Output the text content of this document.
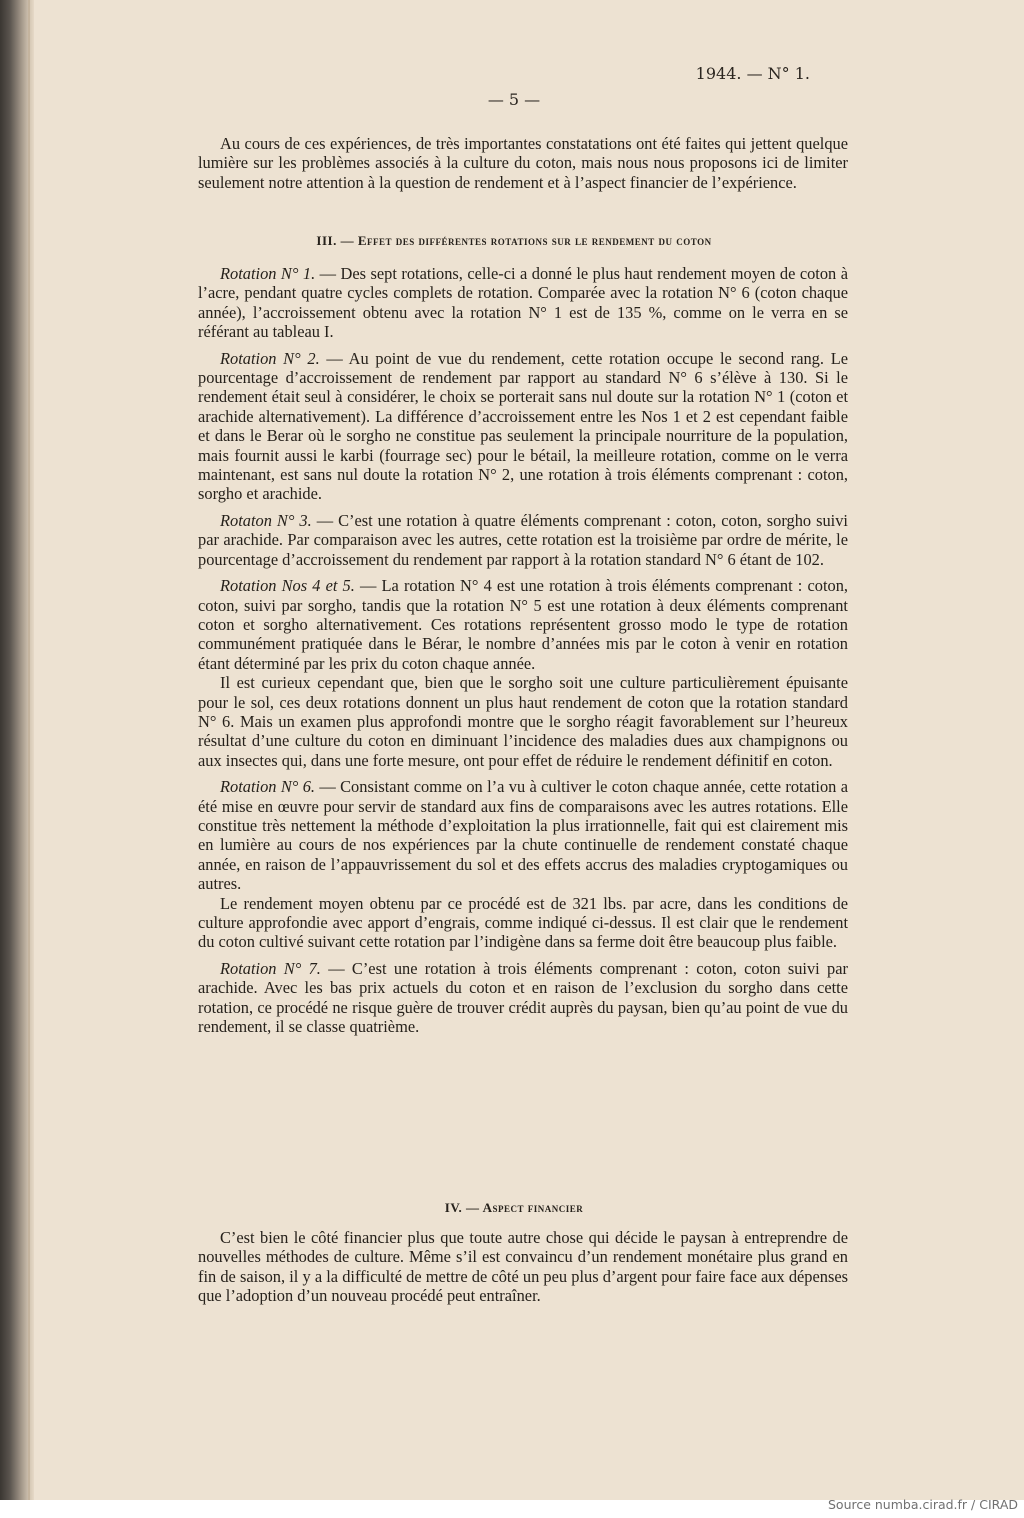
1944. — N° 1.
— 5 —

Au cours de ces expériences, de très importantes constatations ont été faites qui jettent quelque lumière sur les problèmes associés à la culture du coton, mais nous nous proposons ici de limiter seulement notre attention à la question de rendement et à l’aspect financier de l’expérience.

III. — Effet des différentes rotations sur le rendement du coton

Rotation N° 1. — Des sept rotations, celle-ci a donné le plus haut rendement moyen de coton à l’acre, pendant quatre cycles complets de rotation. Comparée avec la rotation N° 6 (coton chaque année), l’accroissement obtenu avec la rotation N° 1 est de 135 %, comme on le verra en se référant au tableau I.

Rotation N° 2. — Au point de vue du rendement, cette rotation occupe le second rang. Le pourcentage d’accroissement de rendement par rapport au standard N° 6 s’élève à 130. Si le rendement était seul à considérer, le choix se porterait sans nul doute sur la rotation N° 1 (coton et arachide alternativement). La différence d’accroissement entre les Nos 1 et 2 est cependant faible et dans le Berar où le sorgho ne constitue pas seulement la principale nourriture de la population, mais fournit aussi le karbi (fourrage sec) pour le bétail, la meilleure rotation, comme on le verra maintenant, est sans nul doute la rotation N° 2, une rotation à trois éléments comprenant : coton, sorgho et arachide.

Rotaton N° 3. — C’est une rotation à quatre éléments comprenant : coton, coton, sorgho suivi par arachide. Par comparaison avec les autres, cette rotation est la troisième par ordre de mérite, le pourcentage d’accroissement du rendement par rapport à la rotation standard N° 6 étant de 102.

Rotation Nos 4 et 5. — La rotation N° 4 est une rotation à trois éléments comprenant : coton, coton, suivi par sorgho, tandis que la rotation N° 5 est une rotation à deux éléments comprenant coton et sorgho alternativement. Ces rotations représentent grosso modo le type de rotation communément pratiquée dans le Bérar, le nombre d’années mis par le coton à venir en rotation étant déterminé par les prix du coton chaque année.

Il est curieux cependant que, bien que le sorgho soit une culture particulièrement épuisante pour le sol, ces deux rotations donnent un plus haut rendement de coton que la rotation standard N° 6. Mais un examen plus approfondi montre que le sorgho réagit favorablement sur l’heureux résultat d’une culture du coton en diminuant l’incidence des maladies dues aux champignons ou aux insectes qui, dans une forte mesure, ont pour effet de réduire le rendement définitif en coton.

Rotation N° 6. — Consistant comme on l’a vu à cultiver le coton chaque année, cette rotation a été mise en œuvre pour servir de standard aux fins de comparaisons avec les autres rotations. Elle constitue très nettement la méthode d’exploitation la plus irrationnelle, fait qui est clairement mis en lumière au cours de nos expériences par la chute continuelle de rendement constaté chaque année, en raison de l’appauvrissement du sol et des effets accrus des maladies cryptogamiques ou autres.

Le rendement moyen obtenu par ce procédé est de 321 lbs. par acre, dans les conditions de culture approfondie avec apport d’engrais, comme indiqué ci-dessus. Il est clair que le rendement du coton cultivé suivant cette rotation par l’indigène dans sa ferme doit être beaucoup plus faible.

Rotation N° 7. — C’est une rotation à trois éléments comprenant : coton, coton suivi par arachide. Avec les bas prix actuels du coton et en raison de l’exclusion du sorgho dans cette rotation, ce procédé ne risque guère de trouver crédit auprès du paysan, bien qu’au point de vue du rendement, il se classe quatrième.

IV. — Aspect financier

C’est bien le côté financier plus que toute autre chose qui décide le paysan à entreprendre de nouvelles méthodes de culture. Même s’il est convaincu d’un rendement monétaire plus grand en fin de saison, il y a la difficulté de mettre de côté un peu plus d’argent pour faire face aux dépenses que l’adoption d’un nouveau procédé peut entraîner.

Source numba.cirad.fr / CIRAD
